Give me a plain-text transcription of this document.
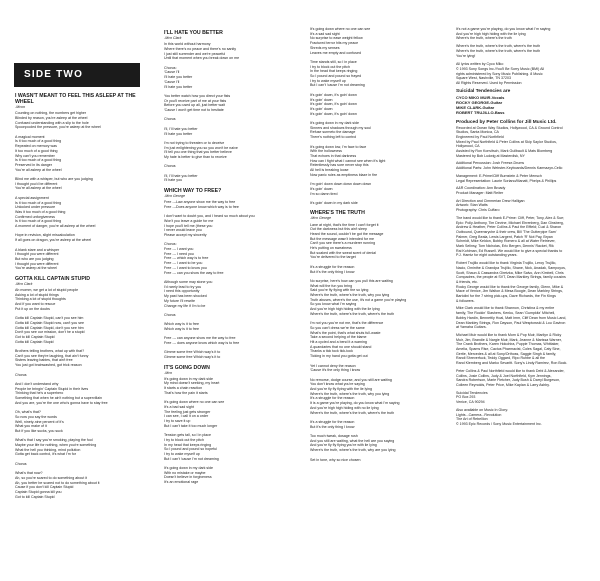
SIDE TWO
I WASN'T MEANT TO FEEL THIS ASLEEP AT THE WHEEL
-Mcon
Counting on nothing, the numbers get higher
Blinded by reason, you're asleep at the wheel
Confused understanding with a slip to the hole
Spoonpooled the pressure, you're asleep at the wheel
A magical moment
Is it too much of a good thing
Repeated on memory was
It too much of a good thing
Why can't you remember
Is it too much of a good thing
Preserved in its danger
You're all asleep at the wheel
Blind me with a whisper, but who are you judging
I thought you'd be different
You're all asleep at the wheel
A special assignment
Is it too much of a good thing
Unlocked under pressure
Was it too much of a good thing
Confirmed unforgiveness
Is it too much of a good thing
A moment of danger, you're all asleep at the wheel
Hope in revision, slight miscalculation
If all goes on dragon, you're asleep at the wheel
A blank stare and a whisper
I thought you were different
But who are you judging
I thought you were different
You're asleep at the wheel
GOTTA KILL CAPTAIN STUPID
-Mcn Clark
Ah momm, we get a lot of stupid people
Asking a lot of stupid things
Thinking a lot of stupid thoughts
And if you want to rescue
Put it up on the doubs
Gotta kill Captain Stupid, can't you see him
Gotta kill Captain Stupid now, can't you see
Gotta kill Captain Stupid, don't you see him
Don't you see our mission, don't he a stupid
Got to kill Captain Stupid
Gotta kill Captain Stupid
Brothers telling brothers, what up with that?
Can't you see they're laughing, that ain't funny
Sisters leaving babies, that ain't free
You just got brainwashed, got trick reason
Chorus
And I don't understand why
People be bringin' Captain Stupid in their lives
Thinking that he's a superhero
Something that when he ain't nothing but a supervillain
And you are, you're the one who's gonna have to stay free
Oh, what's that?
So now you say the words
Well, ninety-nine percent of it's
What you make of it
But if you like sucks, you suck
What's that I say you're smoking, playing the fool
Maybe your life for nothing, when you're something
What the hell you thinking, mind pollution
Gotta get back control, it's what I'm for
Chorus
What's that now?
Ah, so you're scared to do something about it
Ah, you better be scared not to do something about it
Cause if you don't kill Captain Stupid
Captain Stupid gonna kill you
Got to kill Captain Stupid
I'LL HATE YOU BETTER
-Mcn Clark
In this world without harmony
Where there's no peace and there's no sanity
I just still surrender and we're peaceful
Until that moment when you break down on me
Chorus:
'Cause I'll
I'll hate you better
'Cause I'll
I'll hate you better
You better watch how you direct your fists
Or you'll receive part of me at your fists
Before you used up all, just better wait
'Cause I won't get time not to hesitate
Chorus
I'll, I'll hate you better
I'll hate you better
I'm not trying to threaten or to deceive
I'm just enlightening you so you won't be naive
I'll tell you one thing that you better believe
My hate is better to give than to receive
Chorus
I'll, I'll hate you better
I'll hate you
WHICH WAY TO FREE?
-Mcn George
Free ---Law anyone show me the way to free
Free ---Does anyone know which way is to free
I don't want to doubt you, and I heard so much about you
Won't you leave a guide for me
I hope you'll tell me (these you
I never would leave you
Please accept my sincerity
Chorus:
Free --- I want you
Free --- I need you
Free --- which way is to free
Free --- I want to be you
Free --- I want to know you
Free --- can you show the way to free
Although some may stone you
I'd rarely lead to try you
I need this opportunity
My past has been shocked
My future I'll rewrite
Change my life if I'm to be
Chorus
Which way is it to free
Which way is it to free
Free --- can anyone show me the way to free
Free --- does anyone know which way is to free
Gimme some free Which way's it to
Gimme some free Which way's it to
IT'S GOING DOWN
-Mcn
It's going down in my dark side
My mind doesn't seeking, my heart
It starts a chain reaction
That's how the pain it starts
It's going down where no one can see
It's a bad sad sight
The feeling just gets stronger
I can see, I call it on a order
I try to save it up
But I can't take it too much longer
Tension gets tall, so I in place
I try to block out the pitch
In my head that keeps ringing
So I pound and pound so hopeful
I try to wake myself up
But I can't 'cause I'm not dreaming
It's going down in my dark side
With no mistake or maybe
Doesn't believe in forgiveness
It's an emotional rage
It's going down where no one can see
It's a sad sad sight
No surprise to ease weight fellow
Fractured terror hits my peace
Shreds my senses
Leaves me empty and confused
Time stands still, so I in place
I try to block out the pitch
In the head that keeps ringing
So I pound and pound so frayed
I try to wake myself up
But I can't 'cause I'm not dreaming
It's goin' down, it's goin' down
It's goin' down
It's goin' down, it's goin' down
It's goin' down
It's goin' down, it's goin' down
It's going down in my dark side
Sinners and shadows through my soul
Refuse surmeto the damage
There's nothing left to control
It's going down low, I'm face to face
With the hollowness
That echoes in that darkness
How can I fight what I cannot see when it's light
Relentlessly has sore never stop this
All hell is breaking loose
Now panic rules as emptiness blaze in fire
I'm goin' down down down down down
It's goin' down
I'm so damn tired
It's goin' down in my dark side
WHERE'S THE TRUTH
-Mcn George
Lane at night, that's the time I can't forget it
Out the darkness but this ain't sleep
Heard the sound, couldn't be got the message
But the message wasn't intended for me
Can't you see there's a murderer running
He's putting on sweatness
But soaked with the sweat scent of denial
You're delivered to the target
It's a struggle for the reason
But it's the only thing I know
No surprise, here's how can you pull this are waiting
What will the fun you bring
Said you're fly fiying with the so lying
Where's the truth, where's the truth, why you lying
Truth abuses, where's the use, it's not a game you're playing
So you know what I'm saying
And you're high high hiding with the lie lying
Where's the truth, where's the truth, where's the truth
I'm not you you're not me, that's the difference
So you can't dress we're the same
What's the point, that's what shuts full-waste
Take a second helping of the blame
Hit a cycled and a bend it a warning
A quandaries that no one should stand
Thanks a tick tock tick-tock
Ticking in my hand you gotta get out
Yet I cannot deny the reason
'Cause it's the only thing I know
No remorse, dodge course, and you still are waiting
You don't know what you're saying
And you're fly fly fiying with the lie lying
Where's the truth, where's the truth, why you lying
It's a struggle for the reason
It is a game you're playing, do you know what I'm saying
And you're high high hiding with no lie lying
Where's the truth, where's the truth, where's the truth
It's a struggle for the reason
But it's the only thing I know
Too much tweak, dosage rush
And you still are waiting, what the hell are you saying
And you're fly fly fiying you're with lie lying
Where's the truth, where's the truth, why are you lying
Set in tone, why so nice chosen
It's not a game you're playing, do you know what I'm saying
And you're high high hiding with the lie lying
Where's the truth, where's the truth

Where's the truth, where's the truth, where's the truth
Where's the truth, where's the truth, where's the truth
You're lying!
All lyrics written by Cyco Miko
© 1993 Sony Songs Inc./You'll Be Sorry Music (BMI) All
rights administered by Sony Music Publishing. 8 Music
Square West, Nashville, TN 37203
All Rights Reserved. Used by Permission
Suicidal Tendencies are
CYCO MIKO MUIR-Vocals
ROCKY GEORGE-Guitar
MIKE CLARK-Guitar
ROBERT TRUJILLO-Bass
Produced by Peter Collins for Jill Music Ltd.
Recorded at Ocean Way Studios, Hollywood, CA & Ground Control
Studios, Santa Monica, CA
Engineered by Paul Northfield
Mixed by Paul Northfield & Peter Collins at Skip Saylor Studios,
Hollywood, CA
Assisted by Ron Konvitsch, Mark Guilbault & Mats Blomberg
Mastered by Bob Ludwig at Masterdisk, NY

Additional Percussion: Josh Freese-Drums
Additional Parts: John Webster-Keyboards/Dennis Karmazyn-Cello

Management: E-Prime/Cliff Burnstein & Peter Mensch
Legal Representation: Laurie Soriano/Manatt, Phelps & Phillips

A&R Coordination: Ann Broady
Product Manager: Matt Reiter

Art Direction and Cimmerian Drew Halligan
Artwork: Stan Watts
Photography: Chris Cuffaro

The band would like to thank E-Prime: Cliff, Peter, Tony, Alex & Sue;
Epic: Polly Anthony, Tim Devine, Michael Ehrenberg, Dan Ginsberg,
Andrew & Heather, Peter Collins & Paul the Effield; Cuzi & Sharon
Outbound, Queensryche & their crew, Bill 'The Gutterpipe Sam'
Palmer, Greg Beala, Lewis Largent, Patch 'R' Not Pay, Bryan
Schmidt, Mike Keldon, Bobby Romero & all at Water Retriever,
Mark Selinsy, Tom Nicholas, Eric Bergen, Dennis' Racket, Rik
Rai Kohlman, Ed Russell. We would like to give a special thanks to
P.J. Hamtz for eight outstanding years.

Robert Trujillo would like to thank Virginia Trujillo, Leroy Trujillo,
Nacio, Ominthe & Grandpa Trujillo, Shane, Nick, Anadak, Sampoyos,
Scott, Shaun & Cassandra Giretzka, Mike Salvo, Ann Kimbell, Chris
Compadres, the people at SVT, Dean Markley Strings, family cousins
& friends, etc.
Rocky George would like to thank the George family, Glenn, Mike &
Mace of Venice, Jim Walton & Mesa Boogie, Dean Markley Strings,
Bartolini for the 7 string pick-ups, Dave Richards, the Fin Kings
& followers.

Mike Clark would like to thank Shannon, Christina & my entire
family, The Rockin' Slashers, Kenku, Sean 'Gumpkitz' Mitchell,
Bobby Hardin, Bennettly Hoal, Matt Imm, Cliff Dean from Music Land,
Dean Markley Strings, Ron Dayson, Paul Wesptowski & Lou Gaviron
at Yamaha Guitars.

Michael Muir would like to thank Mom & Pop Muir, Marilyn & Ricky
Muir, Jim, Brandie & Nargie Muir, Mark, Jeanne & Marissa Warner,
The Crank Brothers, Karen Hokohira, Puppie Thomas, Whittaker,
Amelia, Spams Rise, Cactus Pharmacist, Coles Sagal, Caty Sine,
Gertie, Mercedes & all at Sony/Orthoss, Saggie Singh & family,
Randi Shreverfuck, Teddy Oggard, Ripo Ruhbe & all the
Rand Klemberg and Marko Sevaritt. Sony's Lindy Ramirez, Ron Bock.

Peter Collins & Paul Northfield would like to thank Debi & Alexander,
Collins, Josie Collins, Judy & Joel Northfield, Kym Jennings,
Sandra Robertson, Marie Fletcher, Judy Bush & Darryl Burgeson,
Colleen Reynolds, Peter Price, Mike Kaplan & Larry Ashby.

Suicidal Tendencies
PO Box 293
Venice, CA 90294

Also available on Music In Glory:
Lights...Camera...Revolution
The Art of Rebellion
© 1993 Epic Records / Sony Music Entertainment Inc.
